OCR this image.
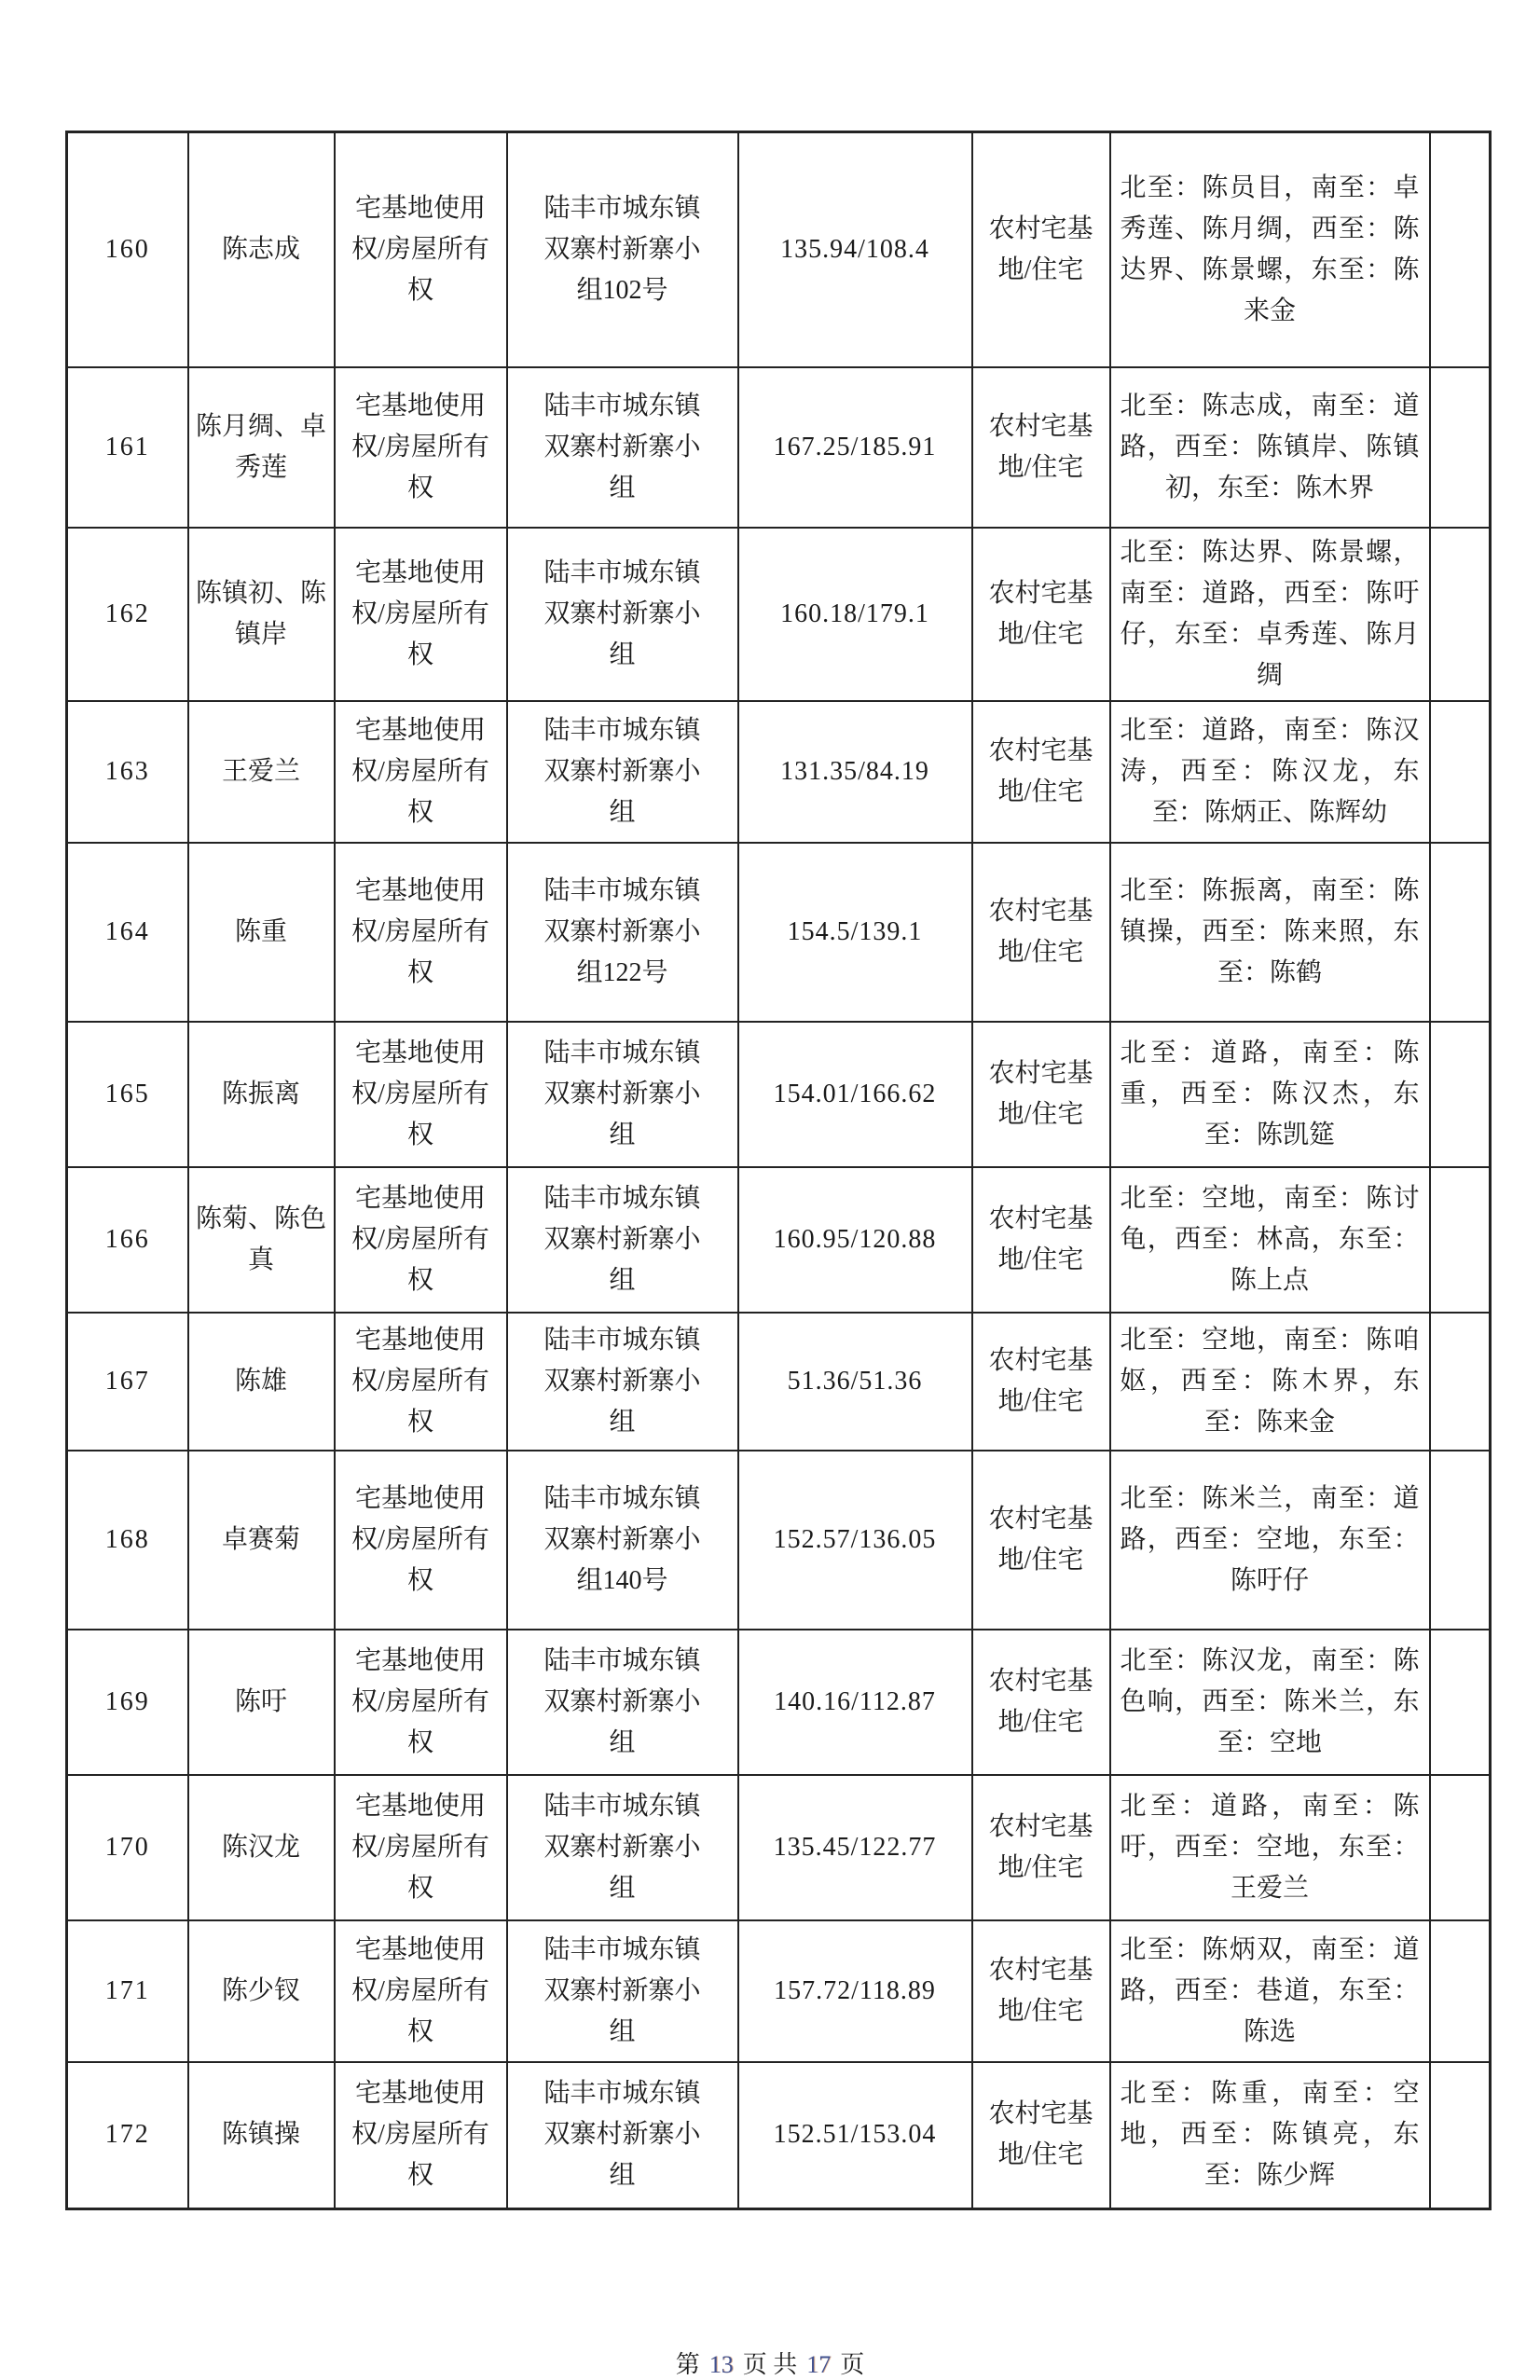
160	陈志成	宅基地使用权/房屋所有权	陆丰市城东镇双寨村新寨小组102号	135.94/108.4	农村宅基地/住宅	北至：陈员目，南至：卓秀莲、陈月绸，西至：陈达界、陈景螺，东至：陈来金	
161	陈月绸、卓秀莲	宅基地使用权/房屋所有权	陆丰市城东镇双寨村新寨小组	167.25/185.91	农村宅基地/住宅	北至：陈志成，南至：道路，西至：陈镇岸、陈镇初，东至：陈木界	
162	陈镇初、陈镇岸	宅基地使用权/房屋所有权	陆丰市城东镇双寨村新寨小组	160.18/179.1	农村宅基地/住宅	北至：陈达界、陈景螺，南至：道路，西至：陈吁仔，东至：卓秀莲、陈月绸	
163	王爱兰	宅基地使用权/房屋所有权	陆丰市城东镇双寨村新寨小组	131.35/84.19	农村宅基地/住宅	北至：道路，南至：陈汉涛，西至：陈汉龙，东至：陈炳正、陈辉幼	
164	陈重	宅基地使用权/房屋所有权	陆丰市城东镇双寨村新寨小组122号	154.5/139.1	农村宅基地/住宅	北至：陈振离，南至：陈镇操，西至：陈来照，东至：陈鹤	
165	陈振离	宅基地使用权/房屋所有权	陆丰市城东镇双寨村新寨小组	154.01/166.62	农村宅基地/住宅	北至：道路，南至：陈重，西至：陈汉杰，东至：陈凯筵	
166	陈菊、陈色真	宅基地使用权/房屋所有权	陆丰市城东镇双寨村新寨小组	160.95/120.88	农村宅基地/住宅	北至：空地，南至：陈讨龟，西至：林高，东至：陈上点	
167	陈雄	宅基地使用权/房屋所有权	陆丰市城东镇双寨村新寨小组	51.36/51.36	农村宅基地/住宅	北至：空地，南至：陈咱妪，西至：陈木界，东至：陈来金	
168	卓赛菊	宅基地使用权/房屋所有权	陆丰市城东镇双寨村新寨小组140号	152.57/136.05	农村宅基地/住宅	北至：陈米兰，南至：道路，西至：空地，东至：陈吁仔	
169	陈吁	宅基地使用权/房屋所有权	陆丰市城东镇双寨村新寨小组	140.16/112.87	农村宅基地/住宅	北至：陈汉龙，南至：陈色响，西至：陈米兰，东至：空地	
170	陈汉龙	宅基地使用权/房屋所有权	陆丰市城东镇双寨村新寨小组	135.45/122.77	农村宅基地/住宅	北至：道路，南至：陈吁，西至：空地，东至：王爱兰	
171	陈少钗	宅基地使用权/房屋所有权	陆丰市城东镇双寨村新寨小组	157.72/118.89	农村宅基地/住宅	北至：陈炳双，南至：道路，西至：巷道，东至：陈选	
172	陈镇操	宅基地使用权/房屋所有权	陆丰市城东镇双寨村新寨小组	152.51/153.04	农村宅基地/住宅	北至：陈重，南至：空地，西至：陈镇亮，东至：陈少辉	
第 13 页 共 17 页
